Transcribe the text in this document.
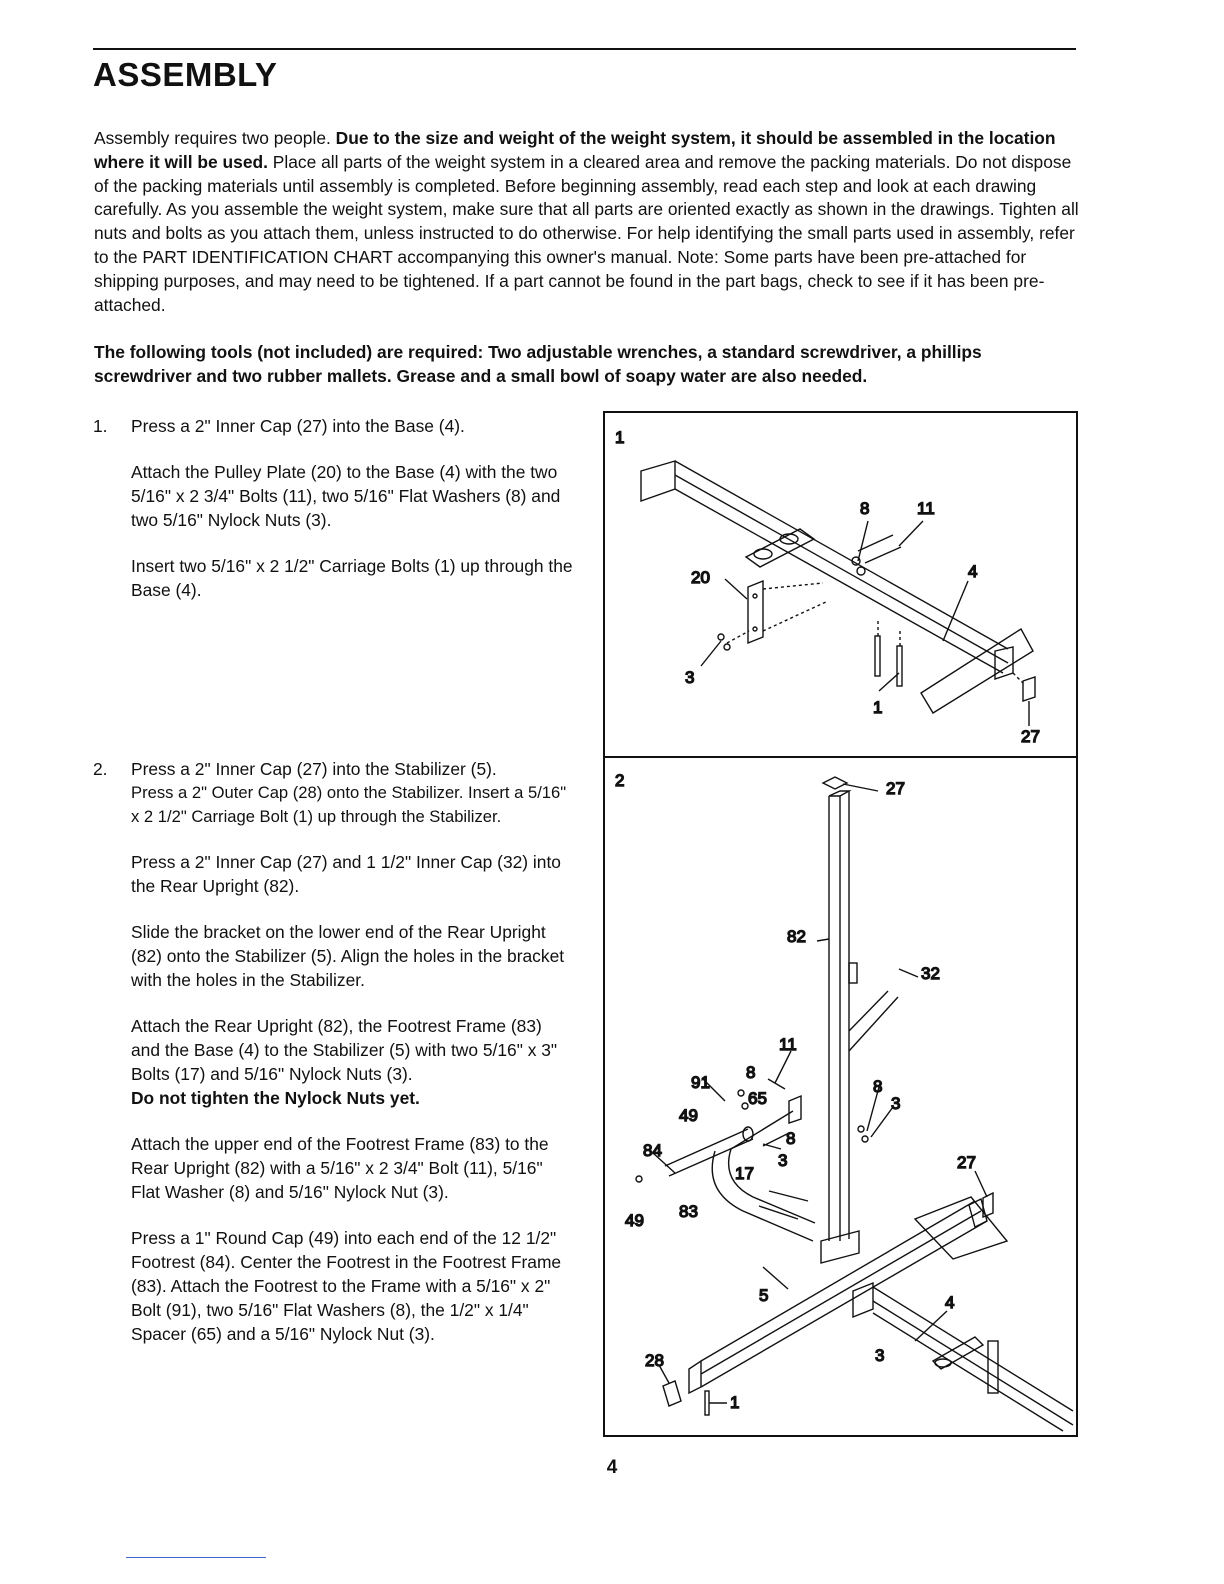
ASSEMBLY

Assembly requires two people. Due to the size and weight of the weight system, it should be assembled in the location where it will be used. Place all parts of the weight system in a cleared area and remove the packing materials. Do not dispose of the packing materials until assembly is completed. Before beginning assembly, read each step and look at each drawing carefully. As you assemble the weight system, make sure that all parts are oriented exactly as shown in the drawings. Tighten all nuts and bolts as you attach them, unless instructed to do otherwise. For help identifying the small parts used in assembly, refer to the PART IDENTIFICATION CHART accompanying this owner's manual. Note: Some parts have been pre-attached for shipping purposes, and may need to be tightened. If a part cannot be found in the part bags, check to see if it has been pre-attached.

The following tools (not included) are required: Two adjustable wrenches, a standard screwdriver, a phillips screwdriver and two rubber mallets. Grease and a small bowl of soapy water are also needed.

1. Press a 2" Inner Cap (27) into the Base (4).

Attach the Pulley Plate (20) to the Base (4) with the two 5/16" x 2 3/4" Bolts (11), two 5/16" Flat Washers (8) and two 5/16" Nylock Nuts (3).

Insert two 5/16" x 2 1/2" Carriage Bolts (1) up through the Base (4).

2. Press a 2" Inner Cap (27) into the Stabilizer (5).

Press a 2" Outer Cap (28) onto the Stabilizer. Insert a 5/16" x 2 1/2" Carriage Bolt (1) up through the Stabilizer.

Press a 2" Inner Cap (27) and 1 1/2" Inner Cap (32) into the Rear Upright (82).

Slide the bracket on the lower end of the Rear Upright (82) onto the Stabilizer (5). Align the holes in the bracket with the holes in the Stabilizer.

Attach the Rear Upright (82), the Footrest Frame (83) and the Base (4) to the Stabilizer (5) with two 5/16" x 3" Bolts (17) and 5/16" Nylock Nuts (3).
Do not tighten the Nylock Nuts yet.

Attach the upper end of the Footrest Frame (83) to the Rear Upright (82) with a 5/16" x 2 3/4" Bolt (11), 5/16" Flat Washer (8) and 5/16" Nylock Nut (3).

Press a 1" Round Cap (49) into each end of the 12 1/2" Footrest (84). Center the Footrest in the Footrest Frame (83). Attach the Footrest to the Frame with a 5/16" x 2" Bolt (91), two 5/16" Flat Washers (8), the 1/2" x 1/4" Spacer (65) and a 5/16" Nylock Nut (3).

1
8	11
20	4
3
1
27
2	27
82
32
11
91
8
65
8
3
49
8
84
3
17
27
49 83
5	4
3
28
1
4
